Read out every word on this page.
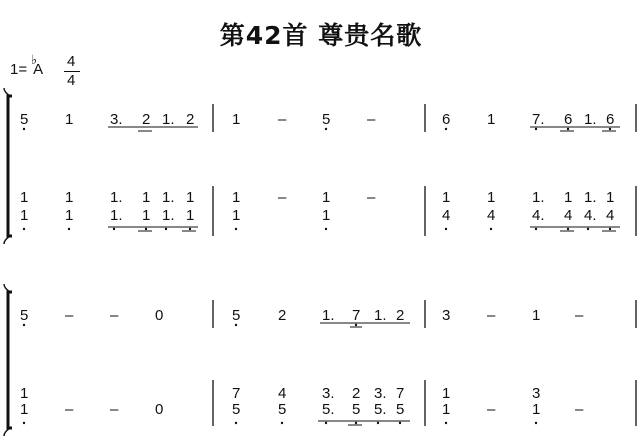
第42首 尊贵名歌
1= A
♭ 4
4
5 1 3. 2 1. 2	1	– 5 –	6 1 7. 6 1. 6
1 1 1. 1 1. 1	1	– 1 –	1 1 1. 1 1. 1
1 1 1. 1 1. 1	1	1	4 4 4. 4 4. 4
5 – – 0	5	2 1. 7 1. 2	3 – 1 –
1	7	4 3. 2 3. 7	1	3
1 – – 0	5	5 5. 5 5. 5	1 – 1 –
